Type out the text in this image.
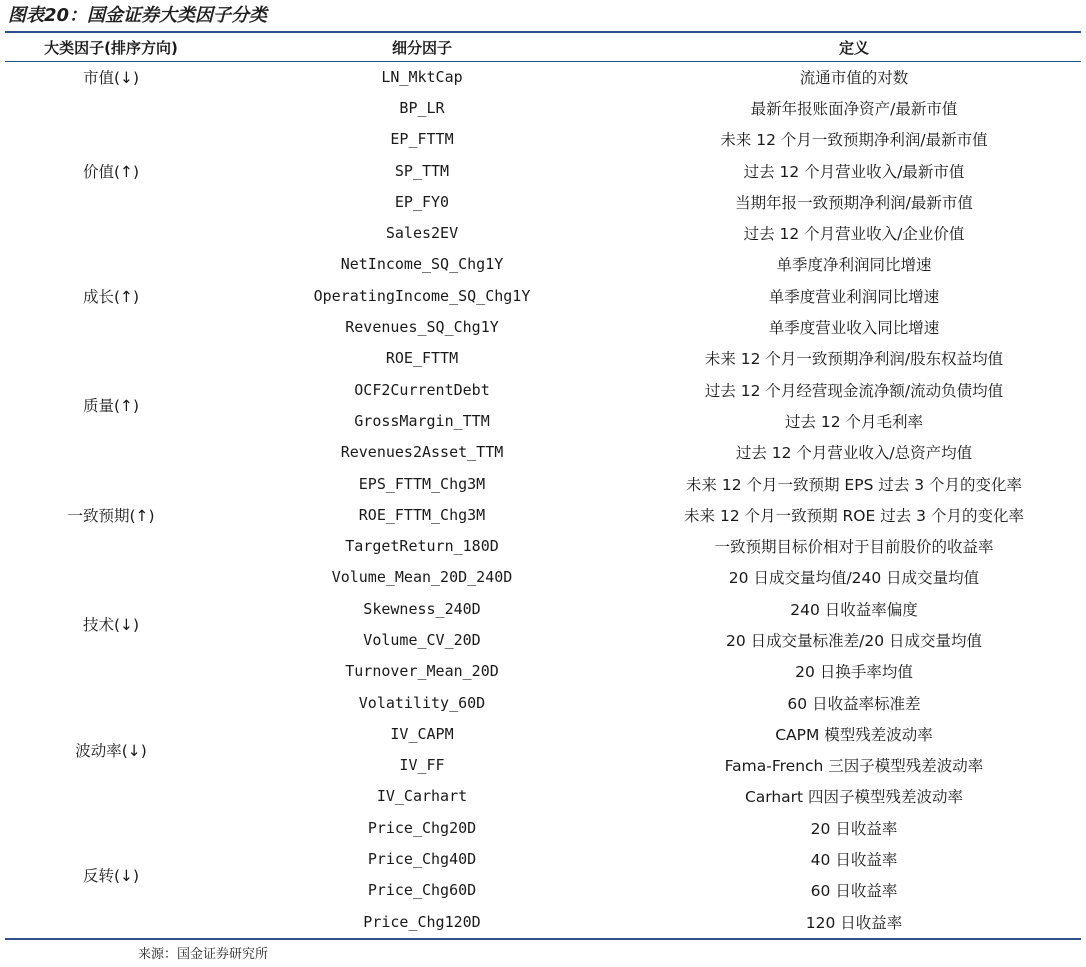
图表20：国金证券大类因子分类
大类因子(排序方向)	细分因子	定义
市值(↓)	LN_MktCap	流通市值的对数
价值(↑)	BP_LR	最新年报账面净资产/最新市值
	EP_FTTM	未来 12 个月一致预期净利润/最新市值
	SP_TTM	过去 12 个月营业收入/最新市值
	EP_FY0	当期年报一致预期净利润/最新市值
	Sales2EV	过去 12 个月营业收入/企业价值
成长(↑)	NetIncome_SQ_Chg1Y	单季度净利润同比增速
	OperatingIncome_SQ_Chg1Y	单季度营业利润同比增速
	Revenues_SQ_Chg1Y	单季度营业收入同比增速
质量(↑)	ROE_FTTM	未来 12 个月一致预期净利润/股东权益均值
	OCF2CurrentDebt	过去 12 个月经营现金流净额/流动负债均值
	GrossMargin_TTM	过去 12 个月毛利率
	Revenues2Asset_TTM	过去 12 个月营业收入/总资产均值
一致预期(↑)	EPS_FTTM_Chg3M	未来 12 个月一致预期 EPS 过去 3 个月的变化率
	ROE_FTTM_Chg3M	未来 12 个月一致预期 ROE 过去 3 个月的变化率
	TargetReturn_180D	一致预期目标价相对于目前股价的收益率
技术(↓)	Volume_Mean_20D_240D	20 日成交量均值/240 日成交量均值
	Skewness_240D	240 日收益率偏度
	Volume_CV_20D	20 日成交量标准差/20 日成交量均值
	Turnover_Mean_20D	20 日换手率均值
波动率(↓)	Volatility_60D	60 日收益率标准差
	IV_CAPM	CAPM 模型残差波动率
	IV_FF	Fama-French 三因子模型残差波动率
	IV_Carhart	Carhart 四因子模型残差波动率
反转(↓)	Price_Chg20D	20 日收益率
	Price_Chg40D	40 日收益率
	Price_Chg60D	60 日收益率
	Price_Chg120D	120 日收益率
来源：国金证券研究所
